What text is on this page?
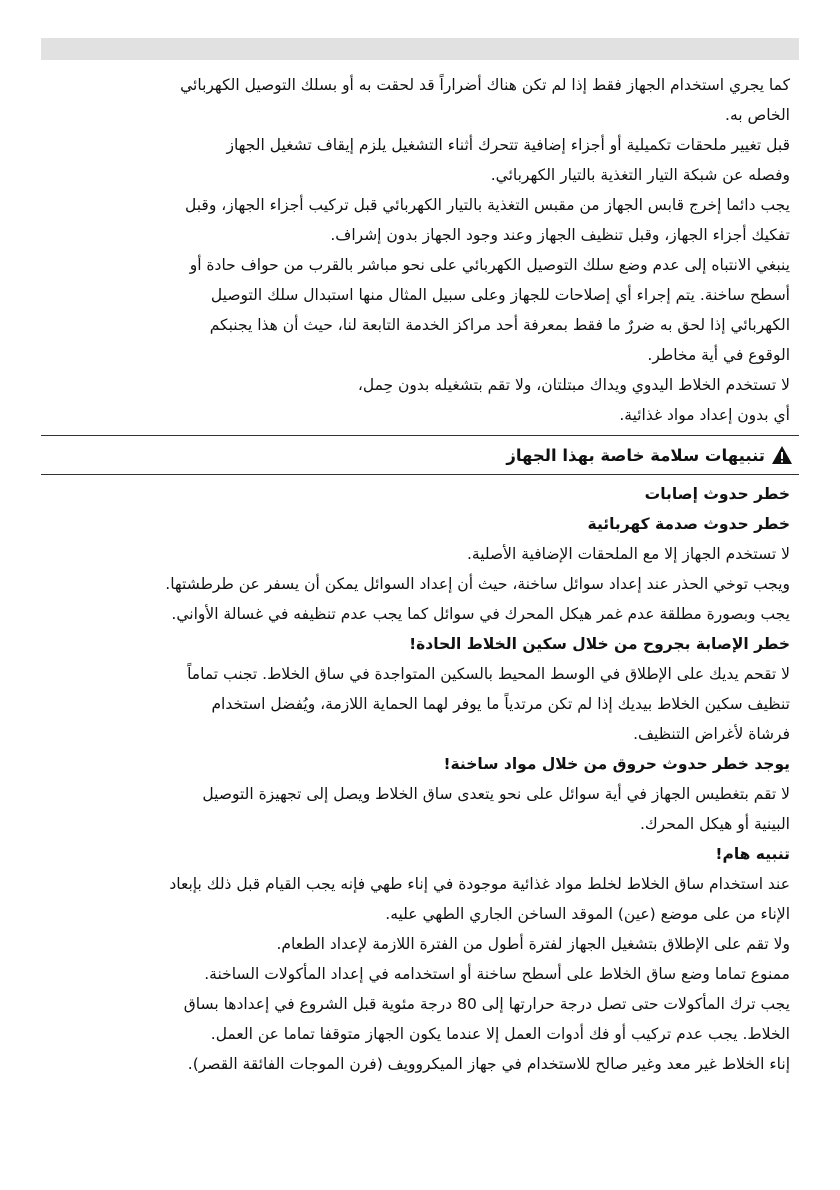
كما يجري استخدام الجهاز فقط إذا لم تكن هناك أضراراً قد لحقت به أو بسلك التوصيل الكهربائي
الخاص به.
قبل تغيير ملحقات تكميلية أو أجزاء إضافية تتحرك أثناء التشغيل يلزم إيقاف تشغيل الجهاز
وفصله عن شبكة التيار التغذية بالتيار الكهربائي.
يجب دائما إخرج قابس الجهاز من مقبس التغذية بالتيار الكهربائي قبل تركيب أجزاء الجهاز، وقبل
تفكيك أجزاء الجهاز، وقبل تنظيف الجهاز وعند وجود الجهاز بدون إشراف.
ينبغي الانتباه إلى عدم وضع سلك التوصيل الكهربائي على نحو مباشر بالقرب من حواف حادة أو
أسطح ساخنة. يتم إجراء أي إصلاحات للجهاز وعلى سبيل المثال منها استبدال سلك التوصيل
الكهربائي إذا لحق به ضررٌ ما فقط بمعرفة أحد مراكز الخدمة التابعة لنا، حيث أن هذا يجنبكم
الوقوع في أية مخاطر.
لا تستخدم الخلاط اليدوي ويداك مبتلتان، ولا تقم بتشغيله بدون حِمل،
أي بدون إعداد مواد غذائية.
تنبيهات سلامة خاصة بهذا الجهاز
خطر حدوث إصابات
خطر حدوث صدمة كهربائية
لا تستخدم الجهاز إلا مع الملحقات الإضافية الأصلية.
ويجب توخي الحذر عند إعداد سوائل ساخنة، حيث أن إعداد السوائل يمكن أن يسفر عن طرطشتها.
يجب وبصورة مطلقة عدم غمر هيكل المحرك في سوائل كما يجب عدم تنظيفه في غسالة الأواني.
خطر الإصابة بجروح من خلال سكين الخلاط الحادة!
لا تقحم يديك على الإطلاق في الوسط المحيط بالسكين المتواجدة في ساق الخلاط. تجنب تماماً
تنظيف سكين الخلاط بيديك إذا لم تكن مرتدياً ما يوفر لهما الحماية اللازمة، ويُفضل استخدام
فرشاة لأغراض التنظيف.
يوجد خطر حدوث حروق من خلال مواد ساخنة!
لا تقم بتغطيس الجهاز في أية سوائل على نحو يتعدى ساق الخلاط ويصل إلى تجهيزة التوصيل
البينية أو هيكل المحرك.
تنبيه هام!
عند استخدام ساق الخلاط لخلط مواد غذائية موجودة في إناء طهي فإنه يجب القيام قبل ذلك بإبعاد
الإناء من على موضع (عين) الموقد الساخن الجاري الطهي عليه.
ولا تقم على الإطلاق بتشغيل الجهاز لفترة أطول من الفترة اللازمة لإعداد الطعام.
ممنوع تماما وضع ساق الخلاط على أسطح ساخنة أو استخدامه في إعداد المأكولات الساخنة.
يجب ترك المأكولات حتى تصل درجة حرارتها إلى 80 درجة مئوية قبل الشروع في إعدادها بساق
الخلاط. يجب عدم تركيب أو فك أدوات العمل إلا عندما يكون الجهاز متوقفا تماما عن العمل.
إناء الخلاط غير معد وغير صالح للاستخدام في جهاز الميكروويف (فرن الموجات الفائقة القصر).
